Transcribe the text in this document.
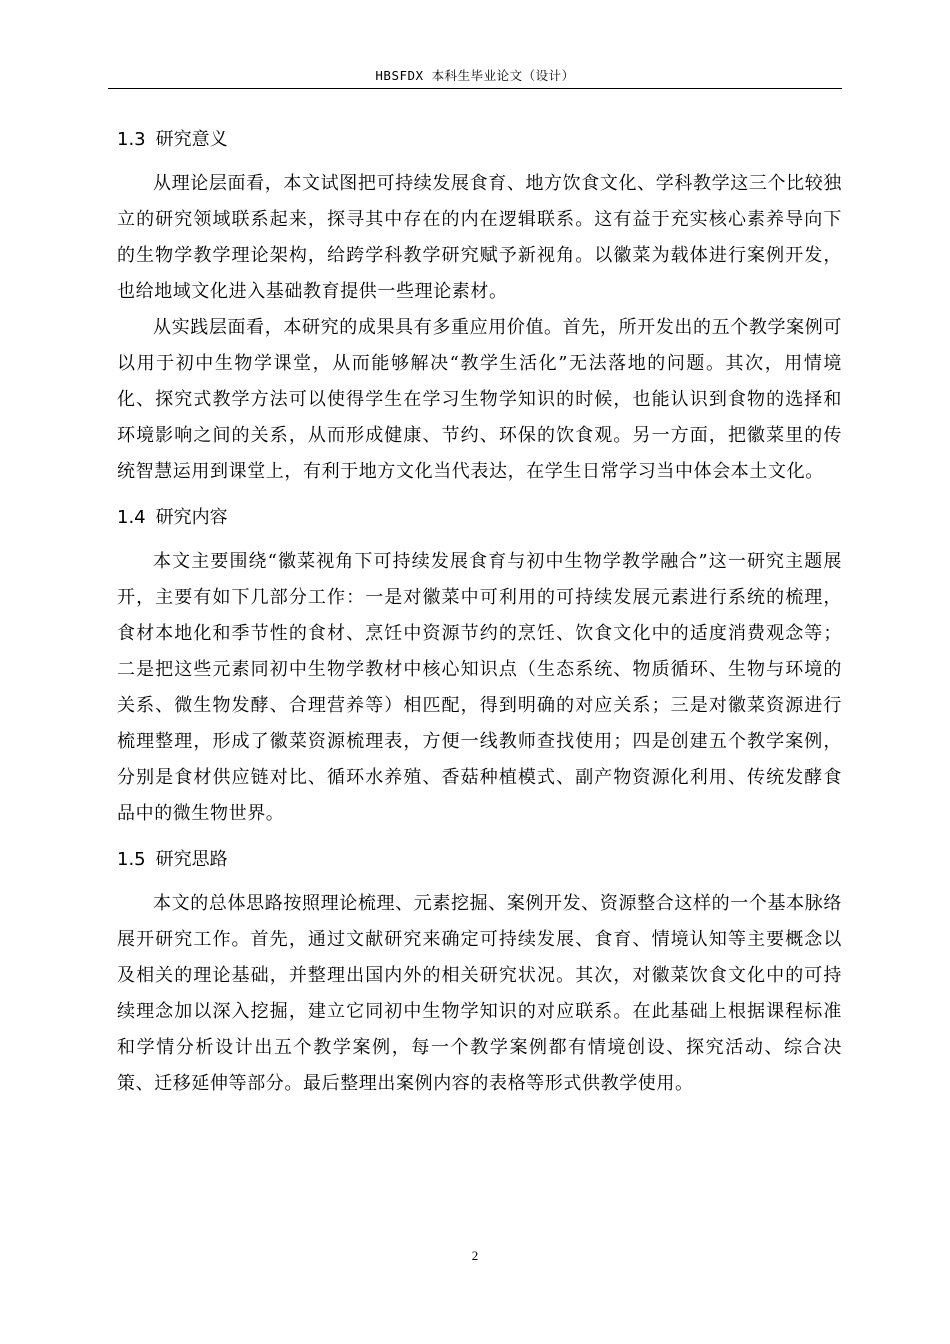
HBSFDX 本科生毕业论文（设计）
1.3 研究意义

从理论层面看，本文试图把可持续发展食育、地方饮食文化、学科教学这三个比较独立的研究领域联系起来，探寻其中存在的内在逻辑联系。这有益于充实核心素养导向下的生物学教学理论架构，给跨学科教学研究赋予新视角。以徽菜为载体进行案例开发，也给地域文化进入基础教育提供一些理论素材。

从实践层面看，本研究的成果具有多重应用价值。首先，所开发出的五个教学案例可以用于初中生物学课堂，从而能够解决“教学生活化”无法落地的问题。其次，用情境化、探究式教学方法可以使得学生在学习生物学知识的时候，也能认识到食物的选择和环境影响之间的关系，从而形成健康、节约、环保的饮食观。另一方面，把徽菜里的传统智慧运用到课堂上，有利于地方文化当代表达，在学生日常学习当中体会本土文化。

1.4 研究内容

本文主要围绕“徽菜视角下可持续发展食育与初中生物学教学融合”这一研究主题展开，主要有如下几部分工作：一是对徽菜中可利用的可持续发展元素进行系统的梳理，食材本地化和季节性的食材、烹饪中资源节约的烹饪、饮食文化中的适度消费观念等；二是把这些元素同初中生物学教材中核心知识点（生态系统、物质循环、生物与环境的关系、微生物发酵、合理营养等）相匹配，得到明确的对应关系；三是对徽菜资源进行梳理整理，形成了徽菜资源梳理表，方便一线教师查找使用；四是创建五个教学案例，分别是食材供应链对比、循环水养殖、香菇种植模式、副产物资源化利用、传统发酵食品中的微生物世界。

1.5 研究思路

本文的总体思路按照理论梳理、元素挖掘、案例开发、资源整合这样的一个基本脉络展开研究工作。首先，通过文献研究来确定可持续发展、食育、情境认知等主要概念以及相关的理论基础，并整理出国内外的相关研究状况。其次，对徽菜饮食文化中的可持续理念加以深入挖掘，建立它同初中生物学知识的对应联系。在此基础上根据课程标准和学情分析设计出五个教学案例，每一个教学案例都有情境创设、探究活动、综合决策、迁移延伸等部分。最后整理出案例内容的表格等形式供教学使用。

2
